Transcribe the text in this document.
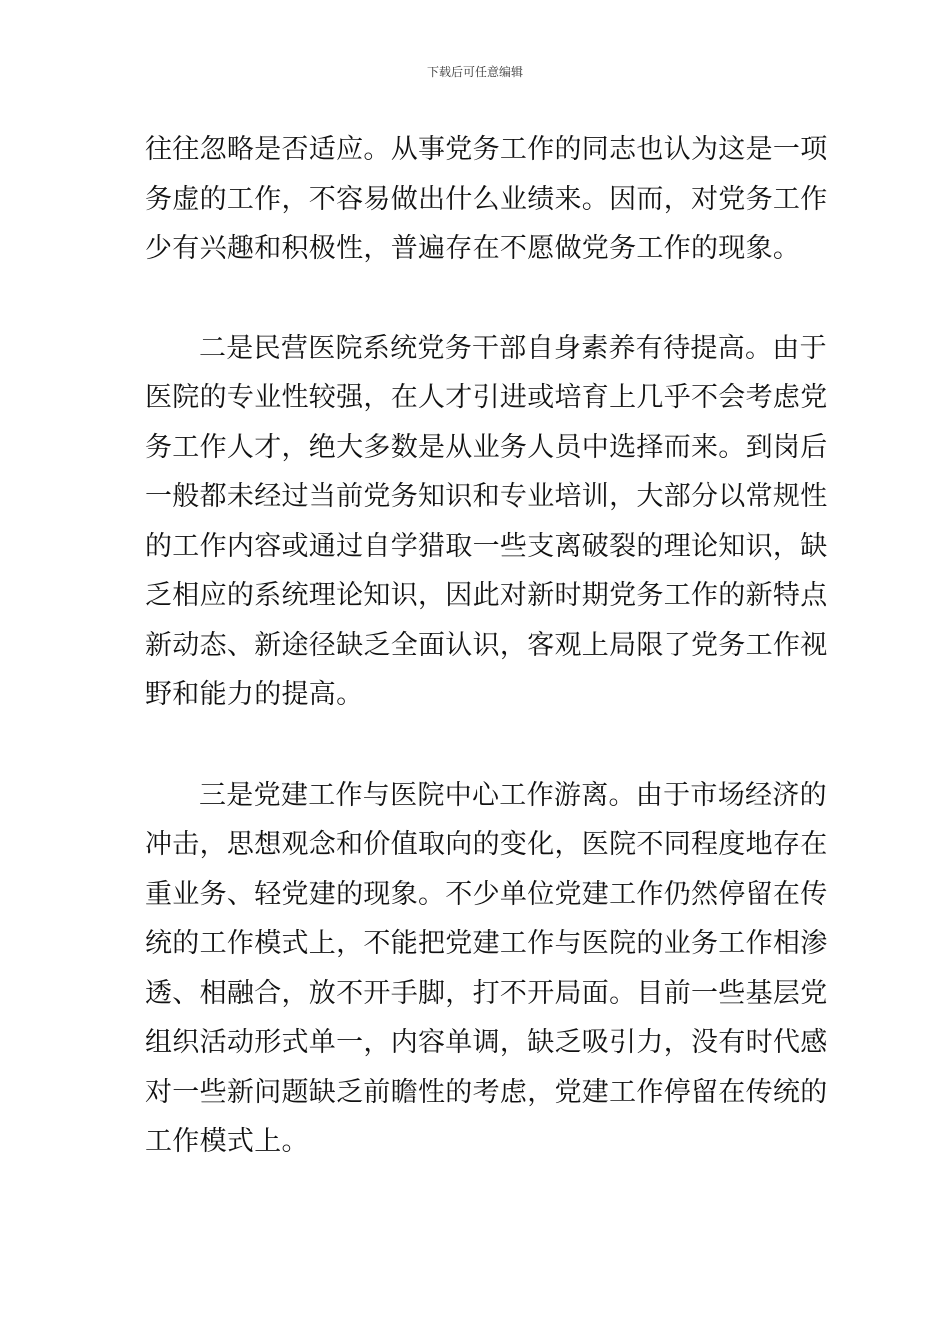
下载后可任意编辑
往往忽略是否适应。从事党务工作的同志也认为这是一项
务虚的工作，不容易做出什么业绩来。因而，对党务工作
少有兴趣和积极性，普遍存在不愿做党务工作的现象。
二是民营医院系统党务干部自身素养有待提高。由于
医院的专业性较强，在人才引进或培育上几乎不会考虑党
务工作人才，绝大多数是从业务人员中选择而来。到岗后
一般都未经过当前党务知识和专业培训，大部分以常规性
的工作内容或通过自学猎取一些支离破裂的理论知识，缺
乏相应的系统理论知识，因此对新时期党务工作的新特点
新动态、新途径缺乏全面认识，客观上局限了党务工作视
野和能力的提高。
三是党建工作与医院中心工作游离。由于市场经济的
冲击，思想观念和价值取向的变化，医院不同程度地存在
重业务、轻党建的现象。不少单位党建工作仍然停留在传
统的工作模式上，不能把党建工作与医院的业务工作相渗
透、相融合，放不开手脚，打不开局面。目前一些基层党
组织活动形式单一，内容单调，缺乏吸引力，没有时代感
对一些新问题缺乏前瞻性的考虑，党建工作停留在传统的
工作模式上。
